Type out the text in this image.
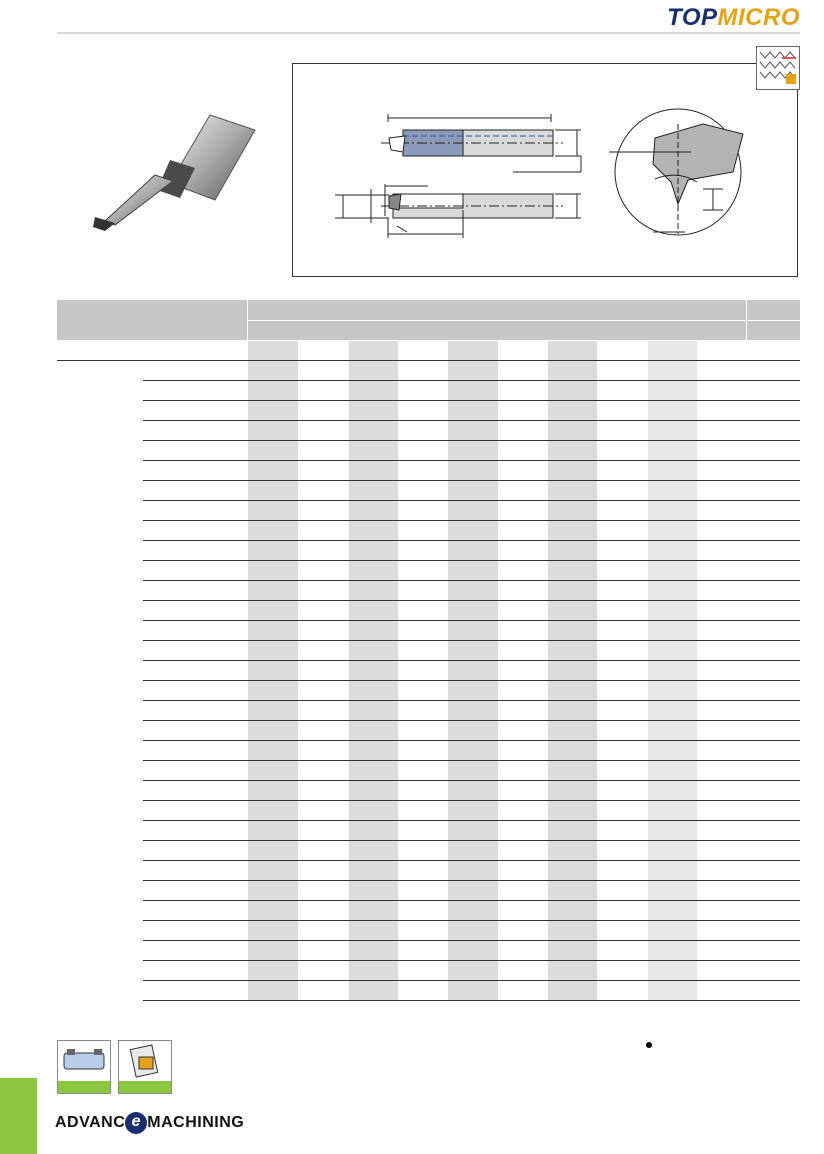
TOPMICRO

ADVANC e MACHINING
